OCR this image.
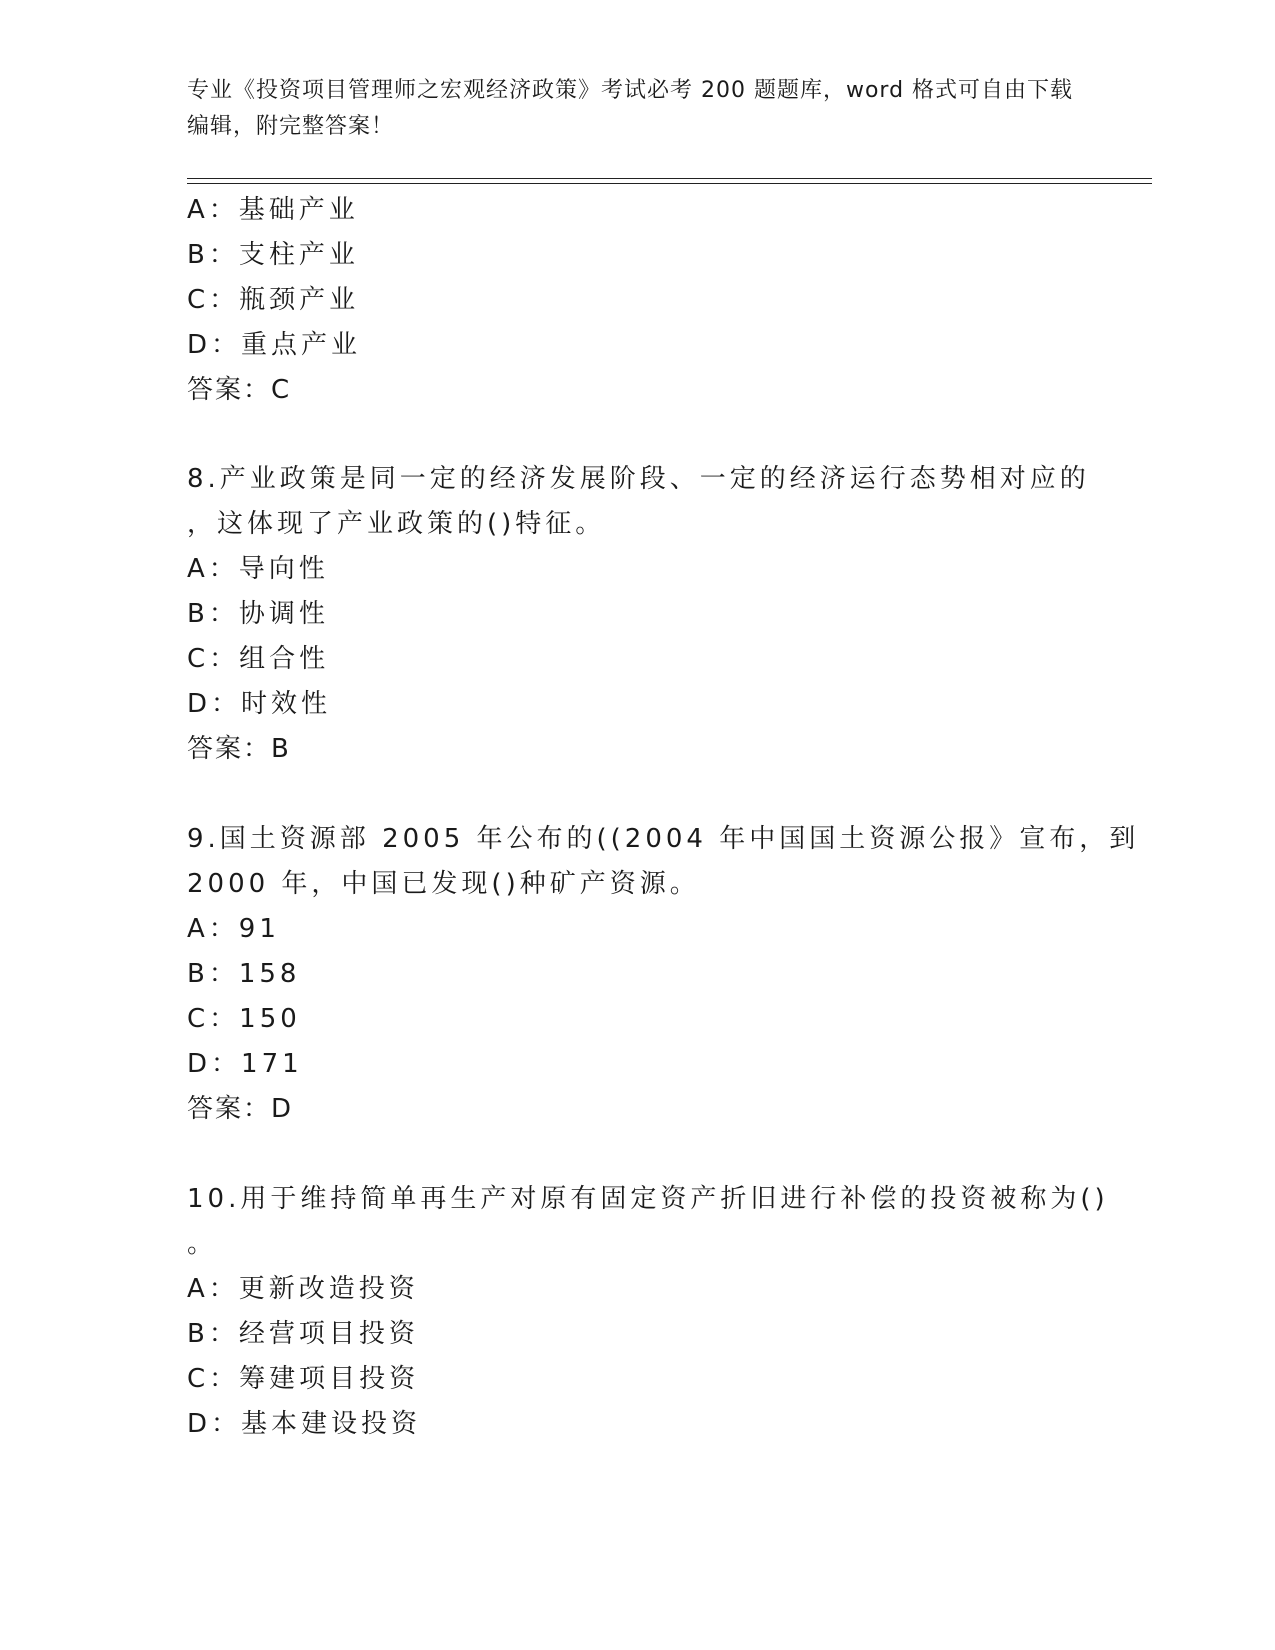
专业《投资项目管理师之宏观经济政策》考试必考 200 题题库，word 格式可自由下载编辑，附完整答案！
A：基础产业
B：支柱产业
C：瓶颈产业
D：重点产业
答案：C
8.产业政策是同一定的经济发展阶段、一定的经济运行态势相对应的
，这体现了产业政策的()特征。
A：导向性
B：协调性
C：组合性
D：时效性
答案：B
9.国土资源部 2005 年公布的((2004 年中国国土资源公报》宣布，到
2000 年，中国已发现()种矿产资源。
A：91
B：158
C：150
D：171
答案：D
10.用于维持简单再生产对原有固定资产折旧进行补偿的投资被称为()
。
A：更新改造投资
B：经营项目投资
C：筹建项目投资
D：基本建设投资
